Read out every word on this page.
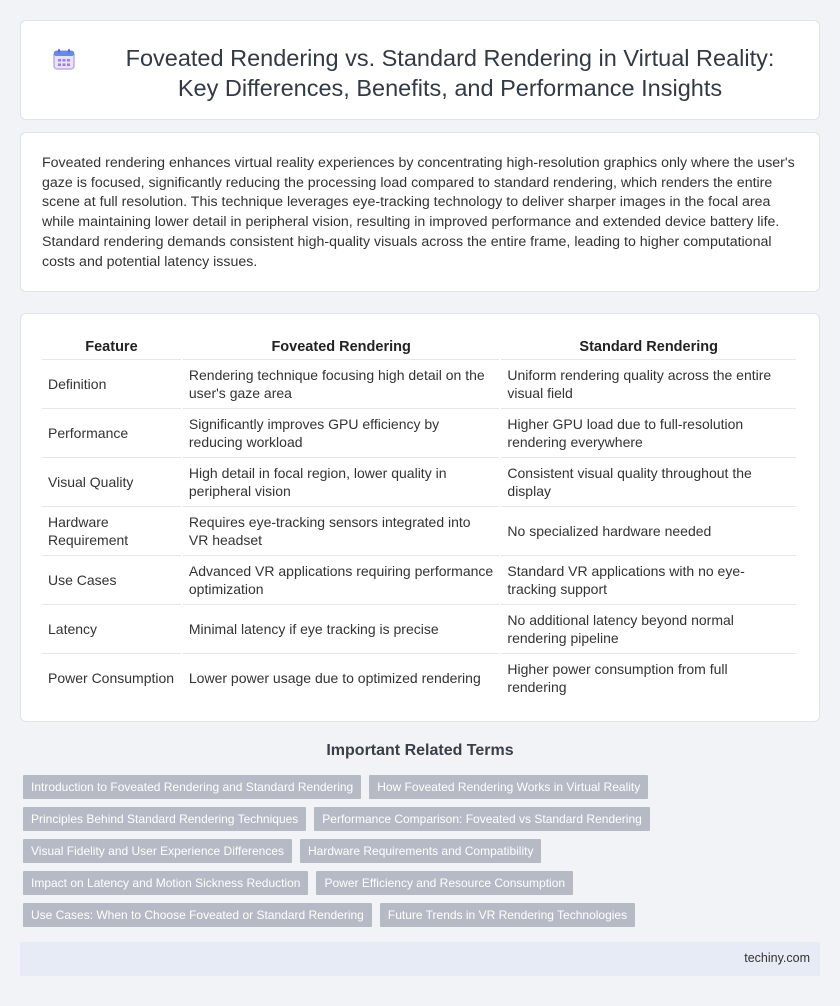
Foveated Rendering vs. Standard Rendering in Virtual Reality: Key Differences, Benefits, and Performance Insights

Foveated rendering enhances virtual reality experiences by concentrating high-resolution graphics only where the user's gaze is focused, significantly reducing the processing load compared to standard rendering, which renders the entire scene at full resolution. This technique leverages eye-tracking technology to deliver sharper images in the focal area while maintaining lower detail in peripheral vision, resulting in improved performance and extended device battery life. Standard rendering demands consistent high-quality visuals across the entire frame, leading to higher computational costs and potential latency issues.

Feature	Foveated Rendering	Standard Rendering
Definition	Rendering technique focusing high detail on the user's gaze area	Uniform rendering quality across the entire visual field
Performance	Significantly improves GPU efficiency by reducing workload	Higher GPU load due to full-resolution rendering everywhere
Visual Quality	High detail in focal region, lower quality in peripheral vision	Consistent visual quality throughout the display
Hardware Requirement	Requires eye-tracking sensors integrated into VR headset	No specialized hardware needed
Use Cases	Advanced VR applications requiring performance optimization	Standard VR applications with no eye-tracking support
Latency	Minimal latency if eye tracking is precise	No additional latency beyond normal rendering pipeline
Power Consumption	Lower power usage due to optimized rendering	Higher power consumption from full rendering
Important Related Terms
Introduction to Foveated Rendering and Standard Rendering	How Foveated Rendering Works in Virtual Reality
Principles Behind Standard Rendering Techniques	Performance Comparison: Foveated vs Standard Rendering
Visual Fidelity and User Experience Differences	Hardware Requirements and Compatibility
Impact on Latency and Motion Sickness Reduction	Power Efficiency and Resource Consumption
Use Cases: When to Choose Foveated or Standard Rendering	Future Trends in VR Rendering Technologies
techiny.com
